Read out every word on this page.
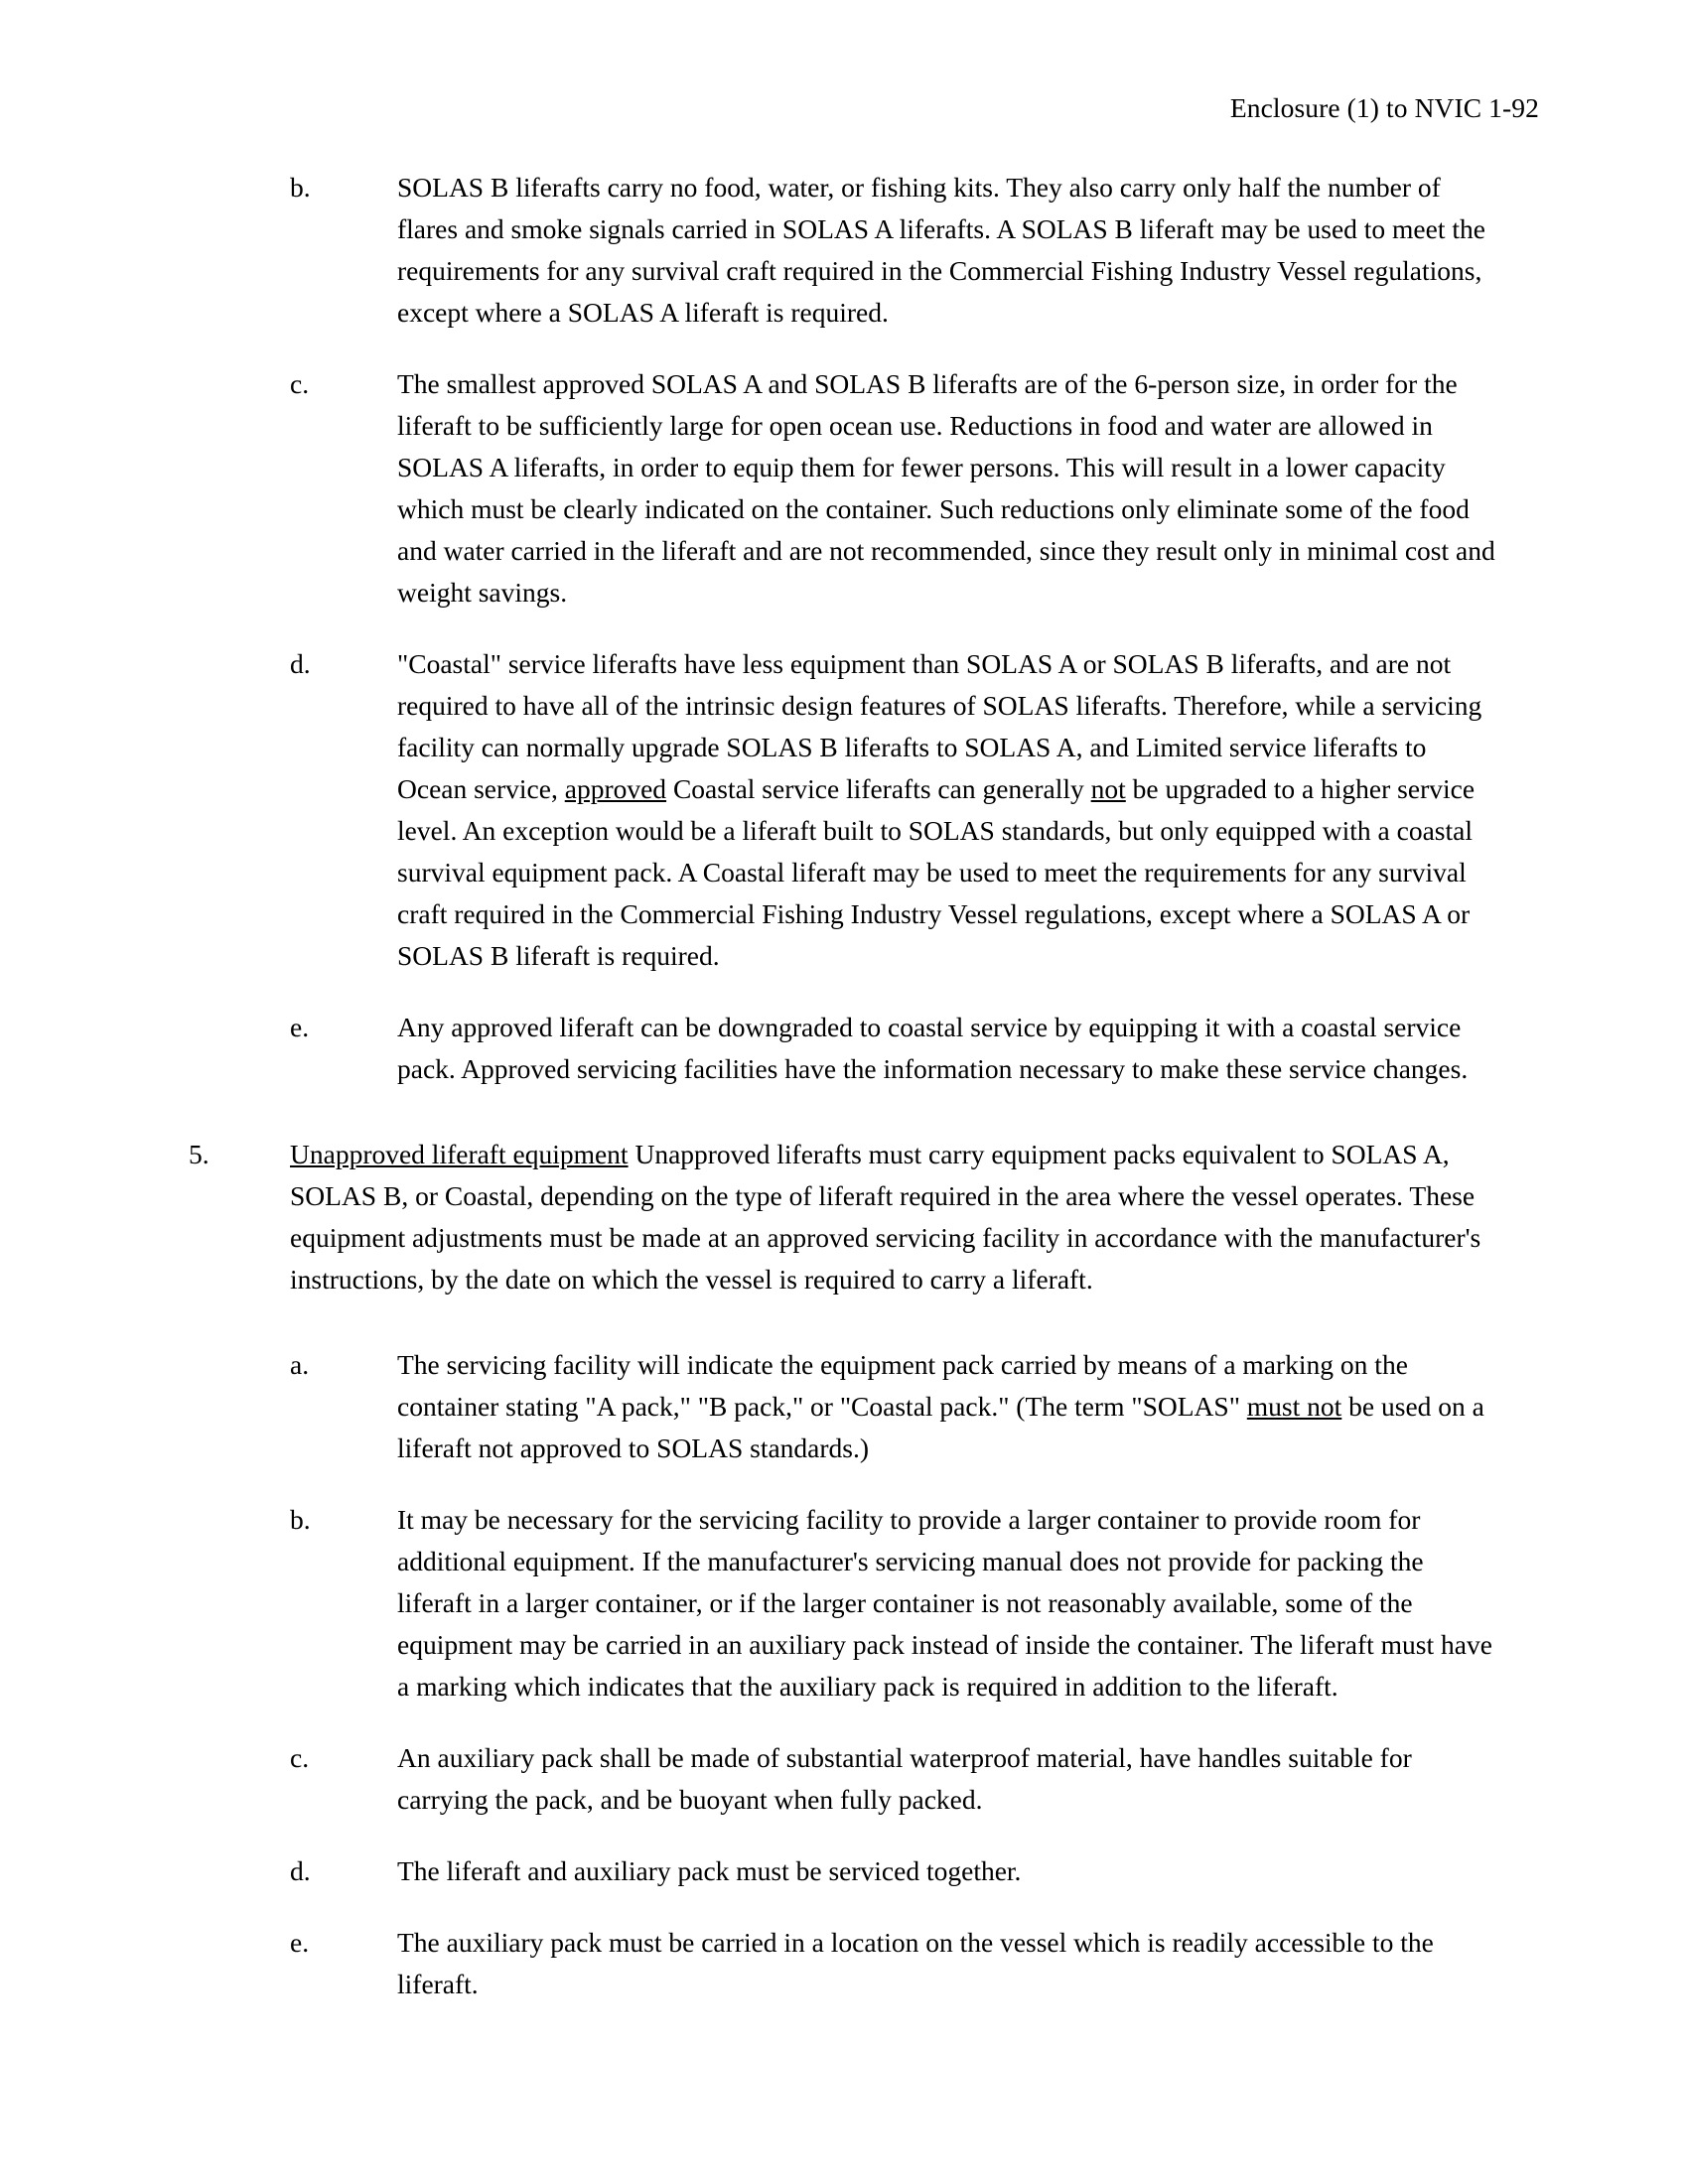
Enclosure (1) to NVIC 1-92
b.	SOLAS B liferafts carry no food, water, or fishing kits. They also carry only half the number of flares and smoke signals carried in SOLAS A liferafts. A SOLAS B liferaft may be used to meet the requirements for any survival craft required in the Commercial Fishing Industry Vessel regulations, except where a SOLAS A liferaft is required.
c.	The smallest approved SOLAS A and SOLAS B liferafts are of the 6-person size, in order for the liferaft to be sufficiently large for open ocean use. Reductions in food and water are allowed in SOLAS A liferafts, in order to equip them for fewer persons. This will result in a lower capacity which must be clearly indicated on the container. Such reductions only eliminate some of the food and water carried in the liferaft and are not recommended, since they result only in minimal cost and weight savings.
d.	"Coastal" service liferafts have less equipment than SOLAS A or SOLAS B liferafts, and are not required to have all of the intrinsic design features of SOLAS liferafts. Therefore, while a servicing facility can normally upgrade SOLAS B liferafts to SOLAS A, and Limited service liferafts to Ocean service, approved Coastal service liferafts can generally not be upgraded to a higher service level. An exception would be a liferaft built to SOLAS standards, but only equipped with a coastal survival equipment pack. A Coastal liferaft may be used to meet the requirements for any survival craft required in the Commercial Fishing Industry Vessel regulations, except where a SOLAS A or SOLAS B liferaft is required.
e.	Any approved liferaft can be downgraded to coastal service by equipping it with a coastal service pack. Approved servicing facilities have the information necessary to make these service changes.
5.	Unapproved liferaft equipment Unapproved liferafts must carry equipment packs equivalent to SOLAS A, SOLAS B, or Coastal, depending on the type of liferaft required in the area where the vessel operates. These equipment adjustments must be made at an approved servicing facility in accordance with the manufacturer's instructions, by the date on which the vessel is required to carry a liferaft.
a.	The servicing facility will indicate the equipment pack carried by means of a marking on the container stating "A pack," "B pack," or "Coastal pack." (The term "SOLAS" must not be used on a liferaft not approved to SOLAS standards.)
b.	It may be necessary for the servicing facility to provide a larger container to provide room for additional equipment. If the manufacturer's servicing manual does not provide for packing the liferaft in a larger container, or if the larger container is not reasonably available, some of the equipment may be carried in an auxiliary pack instead of inside the container. The liferaft must have a marking which indicates that the auxiliary pack is required in addition to the liferaft.
c.	An auxiliary pack shall be made of substantial waterproof material, have handles suitable for carrying the pack, and be buoyant when fully packed.
d.	The liferaft and auxiliary pack must be serviced together.
e.	The auxiliary pack must be carried in a location on the vessel which is readily accessible to the liferaft.
